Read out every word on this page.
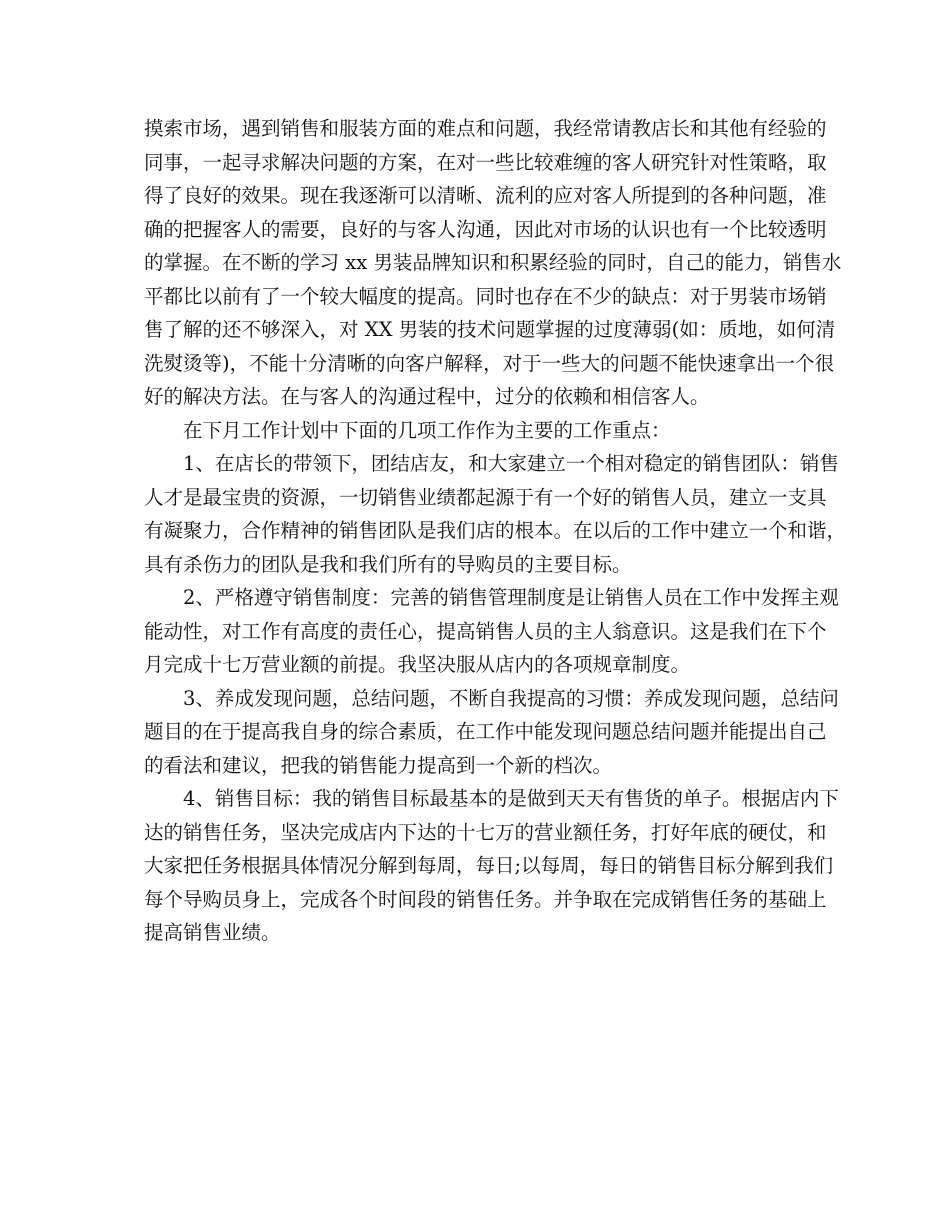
摸索市场，遇到销售和服装方面的难点和问题，我经常请教店长和其他有经验的
同事，一起寻求解决问题的方案，在对一些比较难缠的客人研究针对性策略，取
得了良好的效果。现在我逐渐可以清晰、流利的应对客人所提到的各种问题，准
确的把握客人的需要，良好的与客人沟通，因此对市场的认识也有一个比较透明
的掌握。在不断的学习 xx 男装品牌知识和积累经验的同时，自己的能力，销售水
平都比以前有了一个较大幅度的提高。同时也存在不少的缺点：对于男装市场销
售了解的还不够深入，对 XX 男装的技术问题掌握的过度薄弱(如：质地，如何清
洗熨烫等)，不能十分清晰的向客户解释，对于一些大的问题不能快速拿出一个很
好的解决方法。在与客人的沟通过程中，过分的依赖和相信客人。
在下月工作计划中下面的几项工作作为主要的工作重点：
1、在店长的带领下，团结店友，和大家建立一个相对稳定的销售团队：销售
人才是最宝贵的资源，一切销售业绩都起源于有一个好的销售人员，建立一支具
有凝聚力，合作精神的销售团队是我们店的根本。在以后的工作中建立一个和谐，
具有杀伤力的团队是我和我们所有的导购员的主要目标。
2、严格遵守销售制度：完善的销售管理制度是让销售人员在工作中发挥主观
能动性，对工作有高度的责任心，提高销售人员的主人翁意识。这是我们在下个
月完成十七万营业额的前提。我坚决服从店内的各项规章制度。
3、养成发现问题，总结问题，不断自我提高的习惯：养成发现问题，总结问
题目的在于提高我自身的综合素质，在工作中能发现问题总结问题并能提出自己
的看法和建议，把我的销售能力提高到一个新的档次。
4、销售目标：我的销售目标最基本的是做到天天有售货的单子。根据店内下
达的销售任务，坚决完成店内下达的十七万的营业额任务，打好年底的硬仗，和
大家把任务根据具体情况分解到每周，每日;以每周，每日的销售目标分解到我们
每个导购员身上，完成各个时间段的销售任务。并争取在完成销售任务的基础上
提高销售业绩。
